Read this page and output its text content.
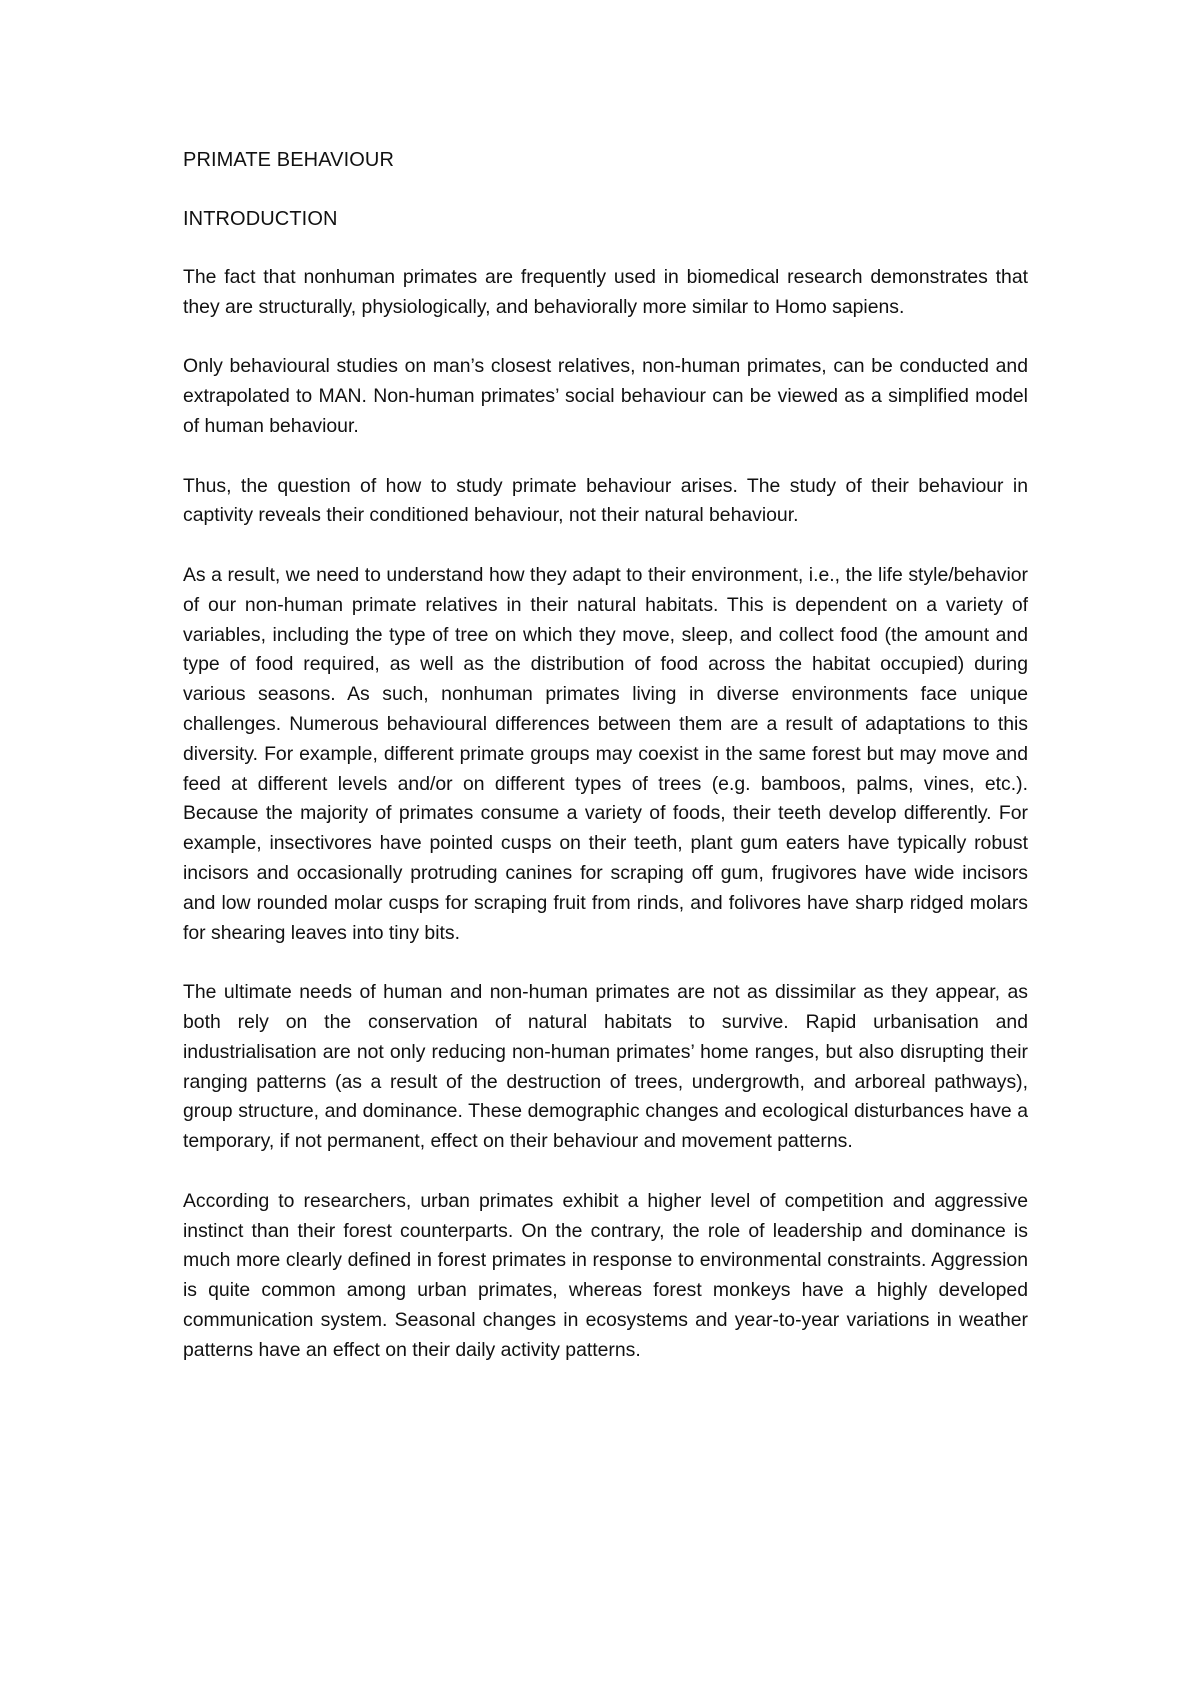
PRIMATE BEHAVIOUR
INTRODUCTION

The fact that nonhuman primates are frequently used in biomedical research demonstrates that they are structurally, physiologically, and behaviorally more similar to Homo sapiens.

Only behavioural studies on man’s closest relatives, non-human primates, can be conducted and extrapolated to MAN. Non-human primates’ social behaviour can be viewed as a simplified model of human behaviour.

Thus, the question of how to study primate behaviour arises. The study of their behaviour in captivity reveals their conditioned behaviour, not their natural behaviour.

As a result, we need to understand how they adapt to their environment, i.e., the life style/behavior of our non-human primate relatives in their natural habitats. This is dependent on a variety of variables, including the type of tree on which they move, sleep, and collect food (the amount and type of food required, as well as the distribution of food across the habitat occupied) during various seasons. As such, nonhuman primates living in diverse environments face unique challenges. Numerous behavioural differences between them are a result of adaptations to this diversity. For example, different primate groups may coexist in the same forest but may move and feed at different levels and/or on different types of trees (e.g. bamboos, palms, vines, etc.). Because the majority of primates consume a variety of foods, their teeth develop differently. For example, insectivores have pointed cusps on their teeth, plant gum eaters have typically robust incisors and occasionally protruding canines for scraping off gum, frugivores have wide incisors and low rounded molar cusps for scraping fruit from rinds, and folivores have sharp ridged molars for shearing leaves into tiny bits.

The ultimate needs of human and non-human primates are not as dissimilar as they appear, as both rely on the conservation of natural habitats to survive. Rapid urbanisation and industrialisation are not only reducing non-human primates’ home ranges, but also disrupting their ranging patterns (as a result of the destruction of trees, undergrowth, and arboreal pathways), group structure, and dominance. These demographic changes and ecological disturbances have a temporary, if not permanent, effect on their behaviour and movement patterns.

According to researchers, urban primates exhibit a higher level of competition and aggressive instinct than their forest counterparts. On the contrary, the role of leadership and dominance is much more clearly defined in forest primates in response to environmental constraints. Aggression is quite common among urban primates, whereas forest monkeys have a highly developed communication system. Seasonal changes in ecosystems and year-to-year variations in weather patterns have an effect on their daily activity patterns.
